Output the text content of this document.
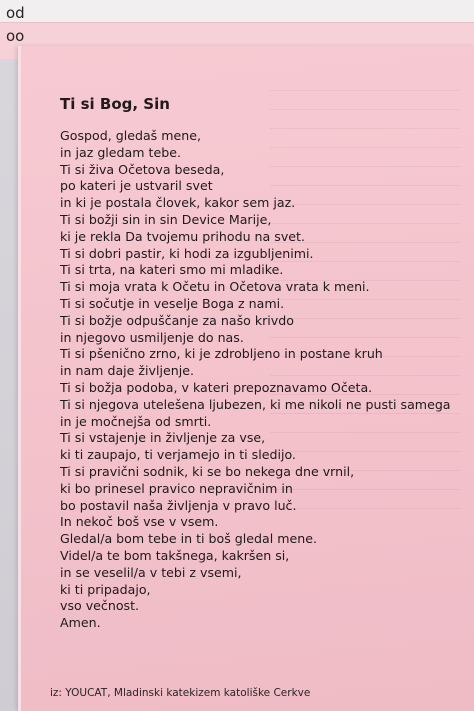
od
oo
Ti si Bog, Sin
Gospod, gledaš mene,
in jaz gledam tebe.
Ti si živa Očetova beseda,
po kateri je ustvaril svet
in ki je postala človek, kakor sem jaz.
Ti si božji sin in sin Device Marije,
ki je rekla Da tvojemu prihodu na svet.
Ti si dobri pastir, ki hodi za izgubljenimi.
Ti si trta, na kateri smo mi mladike.
Ti si moja vrata k Očetu in Očetova vrata k meni.
Ti si sočutje in veselje Boga z nami.
Ti si božje odpuščanje za našo krivdo
in njegovo usmiljenje do nas.
Ti si pšenično zrno, ki je zdrobljeno in postane kruh
in nam daje življenje.
Ti si božja podoba, v kateri prepoznavamo Očeta.
Ti si njegova utelešena ljubezen, ki me nikoli ne pusti samega
in je močnejša od smrti.
Ti si vstajenje in življenje za vse,
ki ti zaupajo, ti verjamejo in ti sledijo.
Ti si pravični sodnik, ki se bo nekega dne vrnil,
ki bo prinesel pravico nepravičnim in
bo postavil naša življenja v pravo luč.
In nekoč boš vse v vsem.
Gledal/a bom tebe in ti boš gledal mene.
Videl/a te bom takšnega, kakršen si,
in se veselil/a v tebi z vsemi,
ki ti pripadajo,
vso večnost.
Amen.
iz: YOUCAT, Mladinski katekizem katoliške Cerkve
